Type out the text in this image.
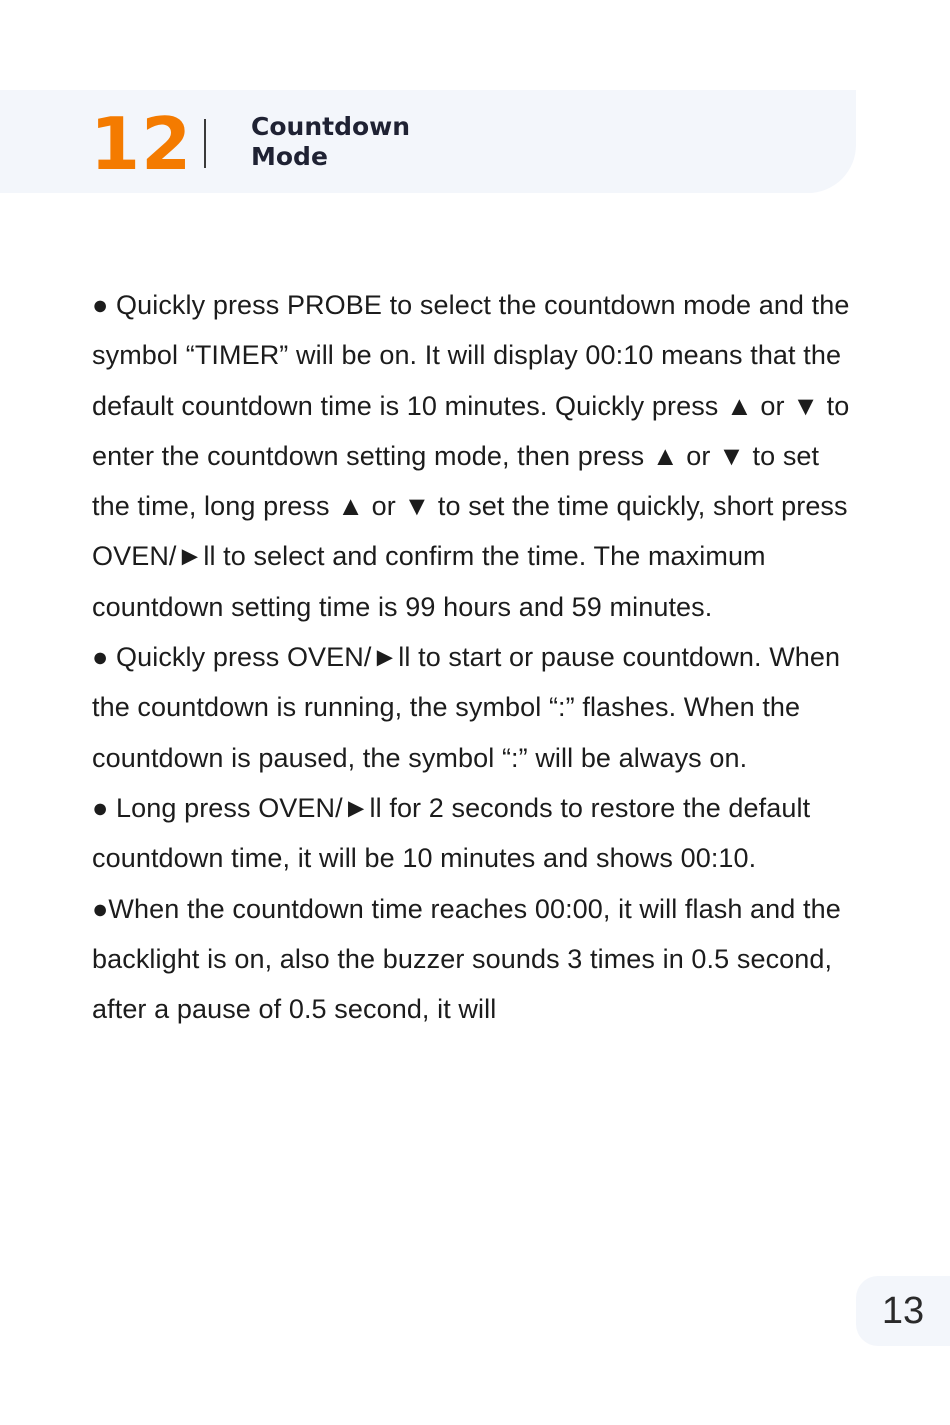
12 Countdown
Mode

● Quickly press PROBE to select the countdown mode and the symbol “TIMER” will be on. It will display 00:10 means that the default countdown time is 10 minutes. Quickly press ▲ or ▼ to enter the countdown setting mode, then press ▲ or ▼ to set the time, long press ▲ or ▼ to set the time quickly, short press OVEN/►ll to select and confirm the time. The maximum countdown setting time is 99 hours and 59 minutes.

● Quickly press OVEN/►ll to start or pause countdown. When the countdown is running, the symbol “:” flashes. When the countdown is paused, the symbol “:” will be always on.

● Long press OVEN/►ll for 2 seconds to restore the default countdown time, it will be 10 minutes and shows 00:10.

●When the countdown time reaches 00:00, it will flash and the backlight is on, also the buzzer sounds 3 times in 0.5 second, after a pause of 0.5 second, it will

13
